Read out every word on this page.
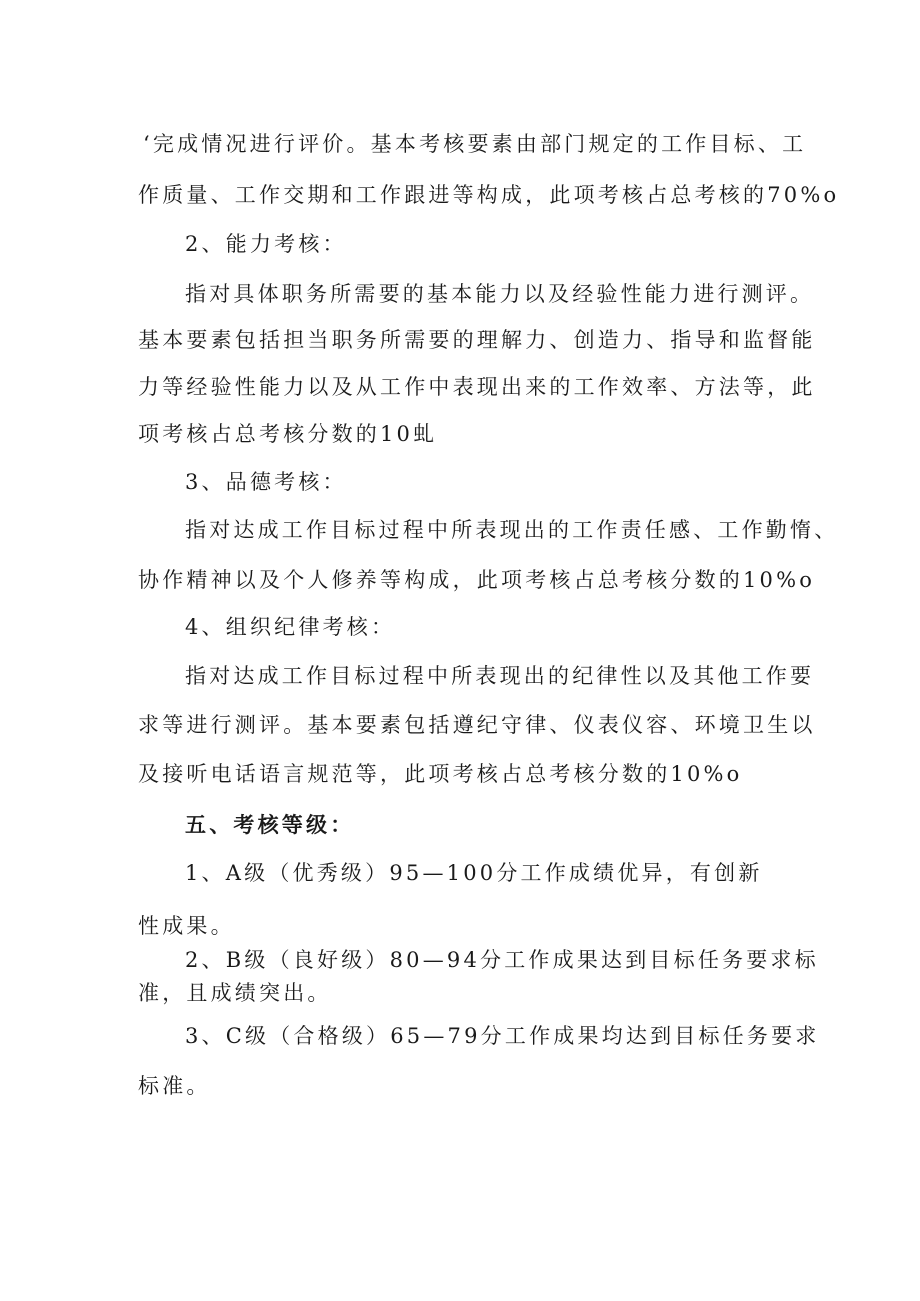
‘完成情况进行评价。基本考核要素由部门规定的工作目标、工
作质量、工作交期和工作跟进等构成，此项考核占总考核的70%o
2、能力考核：
指对具体职务所需要的基本能力以及经验性能力进行测评。
基本要素包括担当职务所需要的理解力、创造力、指导和监督能
力等经验性能力以及从工作中表现出来的工作效率、方法等，此
项考核占总考核分数的10虬
3、品德考核：
指对达成工作目标过程中所表现出的工作责任感、工作勤惰、
协作精神以及个人修养等构成，此项考核占总考核分数的10%o
4、组织纪律考核：
指对达成工作目标过程中所表现出的纪律性以及其他工作要
求等进行测评。基本要素包括遵纪守律、仪表仪容、环境卫生以
及接听电话语言规范等，此项考核占总考核分数的10%o
五、考核等级：
1、A级（优秀级）95—100分工作成绩优异，有创新
性成果。
2、B级（良好级）80—94分工作成果达到目标任务要求标
准，且成绩突出。
3、C级（合格级）65—79分工作成果均达到目标任务要求
标准。
